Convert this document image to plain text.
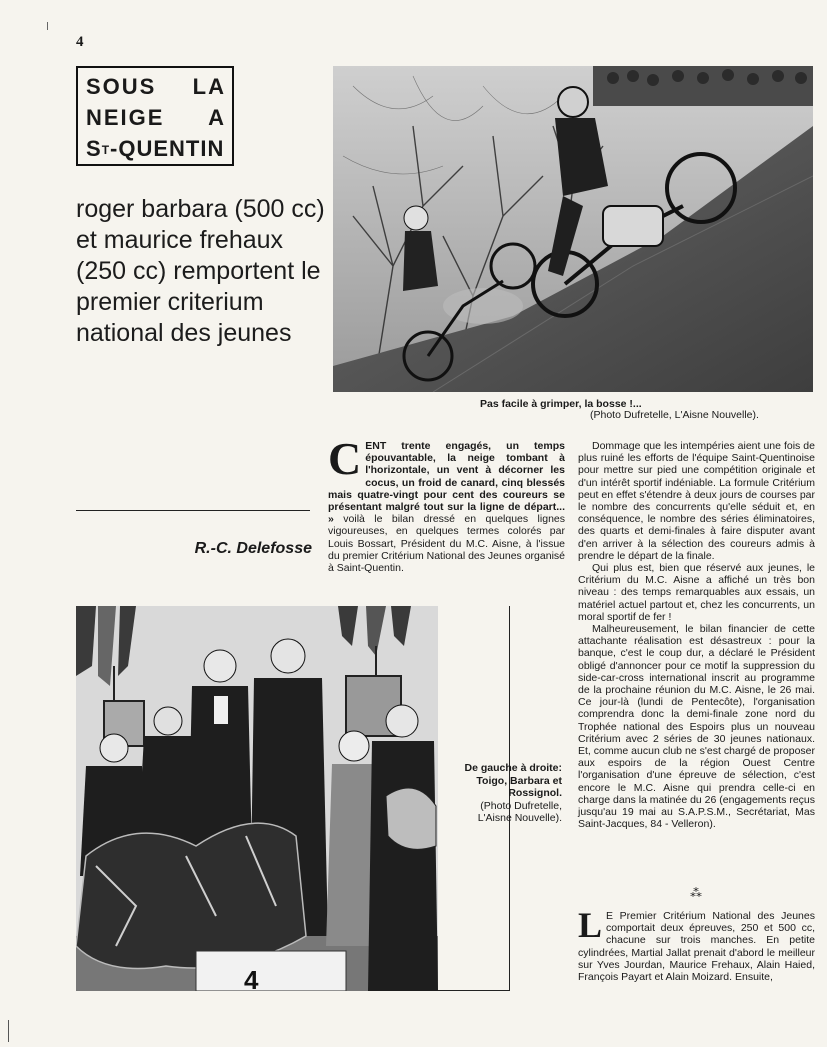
4
SOUS LA
NEIGE A
$S^T$-QUENTIN
roger barbara (500 cc) et maurice frehaux (250 cc) remportent le premier criterium national des jeunes
R.-C. Delefosse
Pas facile à grimper, la bosse !...
(Photo Dufretelle, L'Aisne Nouvelle).

CENT trente engagés, un temps épouvantable, la neige tombant à l'horizontale, un vent à décorner les cocus, un froid de canard, cinq blessés mais quatre-vingt pour cent des coureurs se présentant malgré tout sur la ligne de départ... » voilà le bilan dressé en quelques lignes vigoureuses, en quelques termes colorés par Louis Bossart, Président du M.C. Aisne, à l'issue du premier Critérium National des Jeunes organisé à Saint-Quentin.

Dommage que les intempéries aient une fois de plus ruiné les efforts de l'équipe Saint-Quentinoise pour mettre sur pied une compétition originale et d'un intérêt sportif indéniable. La formule Critérium peut en effet s'étendre à deux jours de courses par le nombre des concurrents qu'elle séduit et, en conséquence, le nombre des séries éliminatoires, des quarts et demi-finales à faire disputer avant d'en arriver à la sélection des coureurs admis à prendre le départ de la finale.

Qui plus est, bien que réservé aux jeunes, le Critérium du M.C. Aisne a affiché un très bon niveau : des temps remarquables aux essais, un matériel actuel partout et, chez les concurrents, un moral sportif de fer !

Malheureusement, le bilan financier de cette attachante réalisation est désastreux : pour la banque, c'est le coup dur, a déclaré le Président obligé d'annoncer pour ce motif la suppression du side-car-cross international inscrit au programme de la prochaine réunion du M.C. Aisne, le 26 mai. Ce jour-là (lundi de Pentecôte), l'organisation comprendra donc la demi-finale zone nord du Trophée national des Espoirs plus un nouveau Critérium avec 2 séries de 30 jeunes nationaux. Et, comme aucun club ne s'est chargé de proposer aux espoirs de la région Ouest Centre l'organisation d'une épreuve de sélection, c'est encore le M.C. Aisne qui prendra celle-ci en charge dans la matinée du 26 (engagements reçus jusqu'au 19 mai au S.A.P.S.M., Secrétariat, Mas Saint-Jacques, 84 - Velleron).

⁂

L E Premier Critérium National des Jeunes comportait deux épreuves, 250 et 500 cc, chacune sur trois manches. En petite cylindrées, Martial Jallat prenait d'abord le meilleur sur Yves Jourdan, Maurice Frehaux, Alain Haied, François Payart et Alain Moizard. Ensuite,

4
De gauche à droite:
Toigo, Barbara et Rossignol.
(Photo Dufretelle, L'Aisne Nouvelle).
